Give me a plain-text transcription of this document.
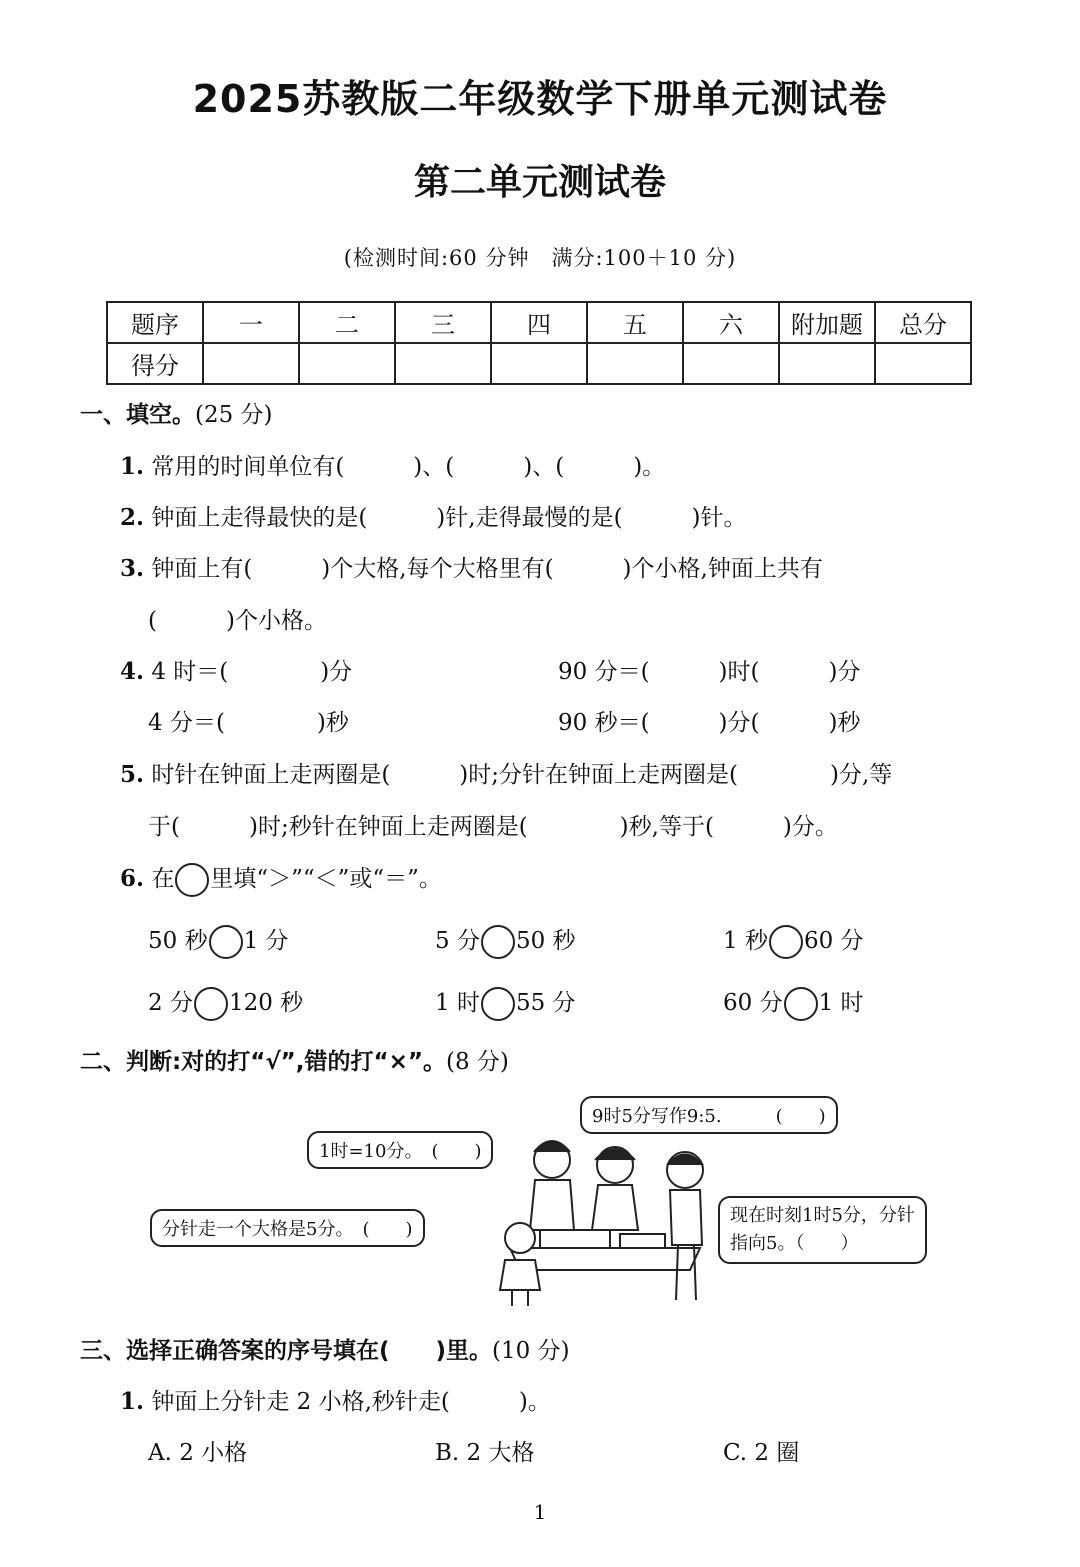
2025苏教版二年级数学下册单元测试卷
第二单元测试卷
(检测时间:60 分钟　满分:100＋10 分)
题序	一	二	三	四	五	六	附加题	总分
得分								
一、填空。(25 分)
1. 常用的时间单位有(　　　)、(　　　)、(　　　)。
2. 钟面上走得最快的是(　　　)针,走得最慢的是(　　　)针。
3. 钟面上有(　　　)个大格,每个大格里有(　　　)个小格,钟面上共有
(　　　)个小格。
4. 4 时＝(　　　　)分	90 分＝(　　　)时(　　　)分
4 分＝(　　　　)秒	90 秒＝(　　　)分(　　　)秒
5. 时针在钟面上走两圈是(　　　)时;分针在钟面上走两圈是(　　　　)分,等
于(　　　)时;秒针在钟面上走两圈是(　　　　)秒,等于(　　　)分。
6. 在 里填“＞”“＜”或“＝”。
50 秒 1 分	5 分 50 秒	1 秒 60 分
2 分 120 秒	1 时 55 分	60 分 1 时
二、判断:对的打“√”,错的打“×”。(8 分)
9时5分写作9:5.　　　(　　)
1时=10分。　(　　)
分针走一个大格是5分。　(　　)
现在时刻1时5分，分针
指向5。（　　）
三、选择正确答案的序号填在(　　)里。(10 分)
1. 钟面上分针走 2 小格,秒针走(　　　)。
A. 2 小格	B. 2 大格	C. 2 圈
1
